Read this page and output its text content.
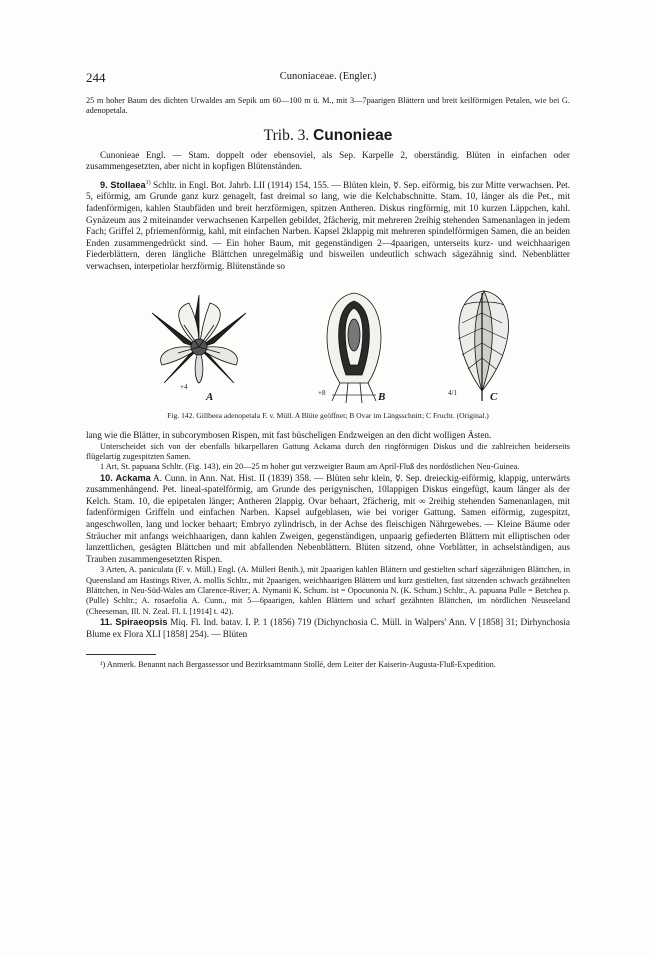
244	Cunoniaceae. (Engler.)

25 m hoher Baum des dichten Urwaldes am Sepik um 60—100 m ü. M., mit 3—7paarigen Blättern und breit keilförmigen Petalen, wie bei G. adenopetala.

Trib. 3. Cunonieae

Cunonieae Engl. — Stam. doppelt oder ebensoviel, als Sep. Karpelle 2, oberständig. Blüten in einfachen oder zusammengesetzten, aber nicht in kopfigen Blütenständen.

9. Stollaea$^{1)}$ Schltr. in Engl. Bot. Jahrb. LII (1914) 154, 155. — Blüten klein, ☿. Sep. eiförmig, bis zur Mitte verwachsen. Pet. 5, eiförmig, am Grunde ganz kurz genagelt, fast dreimal so lang, wie die Kelchabschnitte. Stam. 10, länger als die Pet., mit fadenförmigen, kahlen Staubfäden und breit herzförmigen, spitzen Antheren. Diskus ringförmig, mit 10 kurzen Läppchen, kahl. Gynäzeum aus 2 miteinander verwachsenen Karpellen gebildet, 2fächerig, mit mehreren 2reihig stehenden Samenanlagen in jedem Fach; Griffel 2, pfriemenförmig, kahl, mit einfachen Narben. Kapsel 2klappig mit mehreren spindelförmigen Samen, die an beiden Enden zusammengedrückt sind. — Ein hoher Baum, mit gegenständigen 2—4paarigen, unterseits kurz- und weichhaarigen Fiederblättern, deren längliche Blättchen unregelmäßig und bisweilen undeutlich schwach sägezähnig sind. Nebenblätter verwachsen, interpetiolar herzförmig. Blütenstände so

+4
A	+8	B	4/1	C

Fig. 142. Gillbeea adenopetala F. v. Müll. A Blüte geöffnet; B Ovar im Längsschnitt; C Frucht. (Original.)

lang wie die Blätter, in subcorymbosen Rispen, mit fast büscheligen Endzweigen an den dicht wolligen Ästen.

Unterscheidet sich von der ebenfalls bikarpellaren Gattung Ackama durch den ringförmigen Diskus und die zahlreichen beiderseits flügelartig zugespitzten Samen.

1 Art, St. papuana Schltr. (Fig. 143), ein 20—25 m hoher gut verzweigter Baum am April-Fluß des nordöstlichen Neu-Guinea.

10. Ackama A. Cunn. in Ann. Nat. Hist. II (1839) 358. — Blüten sehr klein, ☿. Sep. dreieckig-eiförmig, klappig, unterwärts zusammenhängend. Pet. lineal-spatelförmig, am Grunde des perigynischen, 10lappigen Diskus eingefügt, kaum länger als der Kelch. Stam. 10, die epipetalen länger; Antheren 2lappig. Ovar behaart, 2fächerig, mit ∞ 2reihig stehenden Samenanlagen, mit fadenförmigen Griffeln und einfachen Narben. Kapsel aufgeblasen, wie bei voriger Gattung. Samen eiförmig, zugespitzt, angeschwollen, lang und locker behaart; Embryo zylindrisch, in der Achse des fleischigen Nährgewebes. — Kleine Bäume oder Sträucher mit anfangs weichhaarigen, dann kahlen Zweigen, gegenständigen, unpaarig gefiederten Blättern mit elliptischen oder lanzettlichen, gesägten Blättchen und mit abfallenden Nebenblättern. Blüten sitzend, ohne Vorblätter, in achselständigen, aus Trauben zusammengesetzten Rispen.

3 Arten, A. paniculata (F. v. Müll.) Engl. (A. Mülleri Benth.), mit 2paarigen kahlen Blättern und gestielten scharf sägezähnigen Blättchen, in Queensland am Hastings River, A. mollis Schltr., mit 2paarigen, weichhaarigen Blättern und kurz gestielten, fast sitzenden schwach gezähnelten Blättchen, in Neu-Süd-Wales am Clarence-River; A. Nymanii K. Schum. ist = Opocunonia N. (K. Schum.) Schltr., A. papuana Pulle = Betchea p. (Pulle) Schltr.; A. rosaefolia A. Cunn., mit 5—6paarigen, kahlen Blättern und scharf gezähnten Blättchen, im nördlichen Neuseeland (Cheeseman, Ill. N. Zeal. Fl. I. [1914] t. 42).

11. Spiraeopsis Miq. Fl. Ind. batav. I. P. 1 (1856) 719 (Dichynchosia C. Müll. in Walpers' Ann. V [1858] 31; Dirhynchosia Blume ex Flora XLI [1858] 254). — Blüten

¹) Anmerk. Benannt nach Bergassessor und Bezirksamtmann Stollé, dem Leiter der Kaiserin-Augusta-Fluß-Expedition.
